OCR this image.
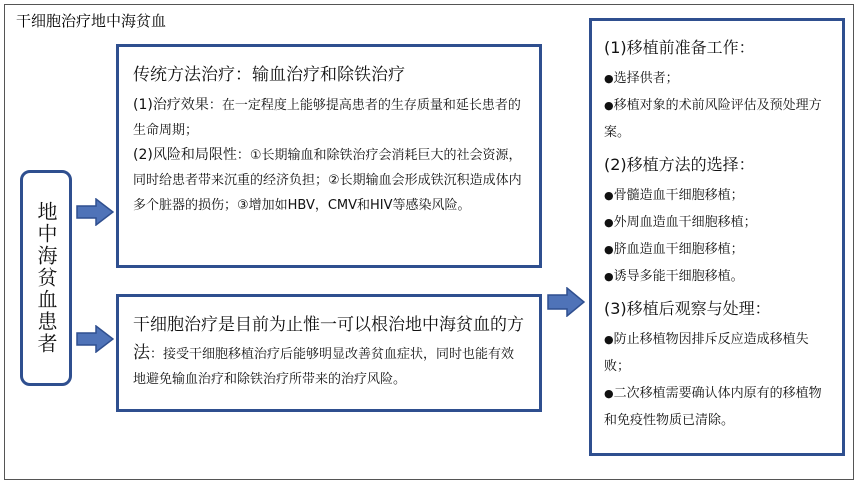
干细胞治疗地中海贫血
地中海贫血患者

传统方法治疗：输血治疗和除铁治疗

(1)治疗效果：在一定程度上能够提高患者的生存质量和延长患者的生命周期；

(2)风险和局限性：①长期输血和除铁治疗会消耗巨大的社会资源，同时给患者带来沉重的经济负担；②长期输血会形成铁沉积造成体内多个脏器的损伤；③增加如HBV，CMV和HIV等感染风险。

干细胞治疗是目前为止惟一可以根治地中海贫血的方法：接受干细胞移植治疗后能够明显改善贫血症状，同时也能有效地避免输血治疗和除铁治疗所带来的治疗风险。

(1)移植前准备工作：

●选择供者；

●移植对象的术前风险评估及预处理方案。

(2)移植方法的选择：

●骨髓造血干细胞移植；

●外周血造血干细胞移植；

●脐血造血干细胞移植；

●诱导多能干细胞移植。

(3)移植后观察与处理：

●防止移植物因排斥反应造成移植失败；

●二次移植需要确认体内原有的移植物和免疫性物质已清除。
